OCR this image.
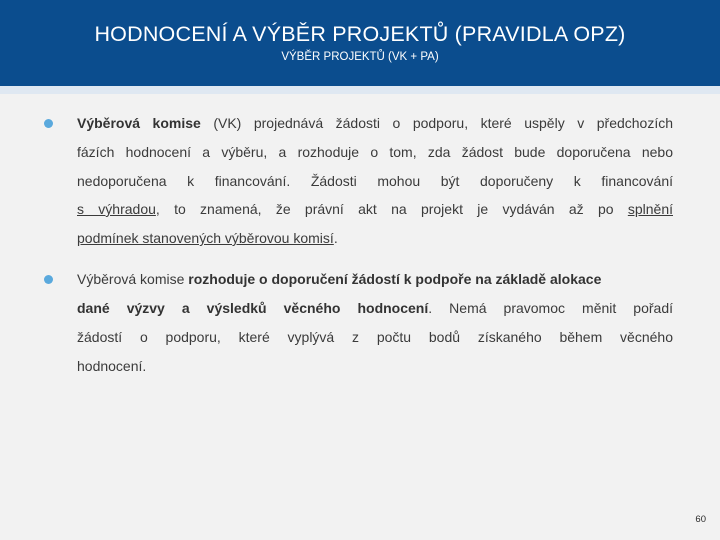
HODNOCENÍ A VÝBĚR PROJEKTŮ (PRAVIDLA OPZ)
VÝBĚR PROJEKTŮ (VK + PA)
Výběrová komise (VK) projednává žádosti o podporu, které uspěly v předchozích
fázích hodnocení a výběru, a rozhoduje o tom, zda žádost bude doporučena nebo
nedoporučena k financování. Žádosti mohou být doporučeny k financování
s výhradou, to znamená, že právní akt na projekt je vydáván až po splnění
podmínek stanovených výběrovou komisí.
Výběrová komise rozhoduje o doporučení žádostí k podpoře na základě alokace
dané výzvy a výsledků věcného hodnocení. Nemá pravomoc měnit pořadí
žádostí o podporu, které vyplývá z počtu bodů získaného během věcného
hodnocení.
60
